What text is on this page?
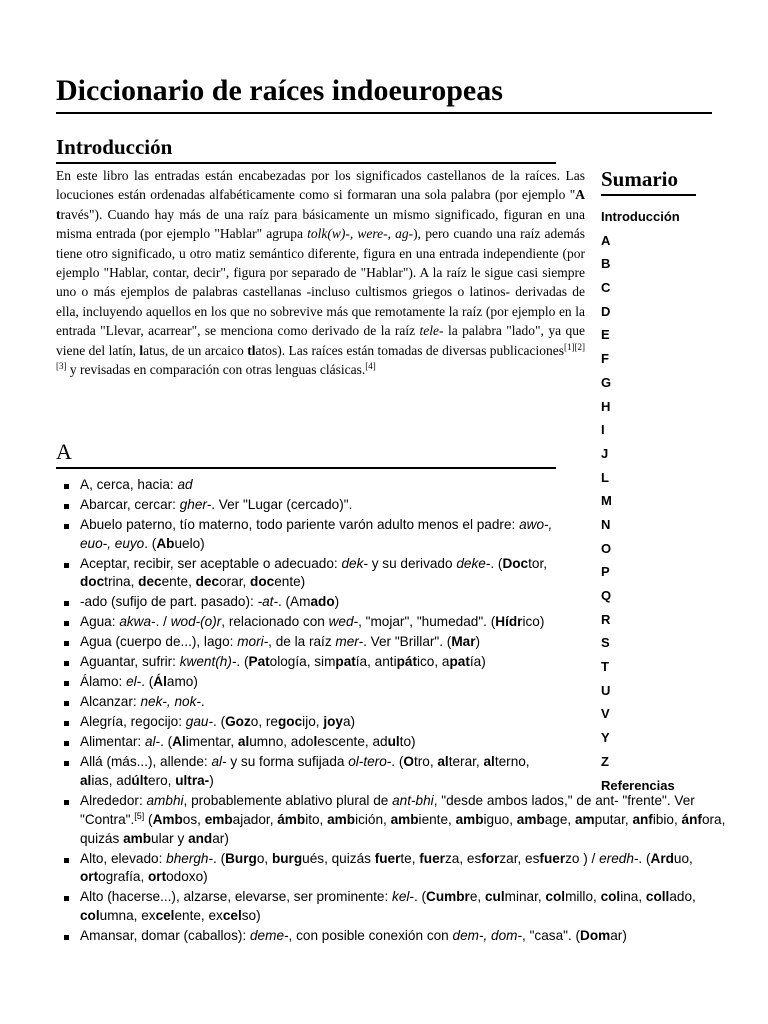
Diccionario de raíces indoeuropeas
Introducción

En este libro las entradas están encabezadas por los significados castellanos de la raíces. Las locuciones están ordenadas alfabéticamente como si formaran una sola palabra (por ejemplo "A través"). Cuando hay más de una raíz para básicamente un mismo significado, figuran en una misma entrada (por ejemplo "Hablar" agrupa tolk(w)-, were-, ag-), pero cuando una raíz además tiene otro significado, u otro matiz semántico diferente, figura en una entrada independiente (por ejemplo "Hablar, contar, decir", figura por separado de "Hablar"). A la raíz le sigue casi siempre uno o más ejemplos de palabras castellanas -incluso cultismos griegos o latinos- derivadas de ella, incluyendo aquellos en los que no sobrevive más que remotamente la raíz (por ejemplo en la entrada "Llevar, acarrear", se menciona como derivado de la raíz tele- la palabra "lado", ya que viene del latín, latus, de un arcaico tlatos). Las raíces están tomadas de diversas publicaciones[1][2][3] y revisadas en comparación con otras lenguas clásicas.[4]

Sumario
Introducción
A
B
C
D
E
F
G
H
I
J
L
M
N
O
P
Q
R
S
T
U
V
Y
Z
Referencias
A
A, cerca, hacia: ad
Abarcar, cercar: gher-. Ver "Lugar (cercado)".
Abuelo paterno, tío materno, todo pariente varón adulto menos el padre: awo-, euo-, euyo. (Abuelo)
Aceptar, recibir, ser aceptable o adecuado: dek- y su derivado deke-. (Doctor, doctrina, decente, decorar, docente)
-ado (sufijo de part. pasado): -at-. (Amado)
Agua: akwa-. / wod-(o)r, relacionado con wed-, "mojar", "humedad". (Hídrico)
Agua (cuerpo de...), lago: mori-, de la raíz mer-. Ver "Brillar". (Mar)
Aguantar, sufrir: kwent(h)-. (Patología, simpatía, antipático, apatía)
Álamo: el-. (Álamo)
Alcanzar: nek-, nok-.
Alegría, regocijo: gau-. (Gozo, regocijo, joya)
Alimentar: al-. (Alimentar, alumno, adolescente, adulto)
Allá (más...), allende: al- y su forma sufijada ol-tero-. (Otro, alterar, alterno, alias, adúltero, ultra-)
Alrededor: ambhi, probablemente ablativo plural de ant-bhi, "desde ambos lados," de ant- "frente". Ver "Contra".[5] (Ambos, embajador, ámbito, ambición, ambiente, ambiguo, ambage, amputar, anfibio, ánfora, quizás ambular y andar)
Alto, elevado: bhergh-. (Burgo, burgués, quizás fuerte, fuerza, esforzar, esfuerzo ) / eredh-. (Arduo, ortografía, ortodoxo)
Alto (hacerse...), alzarse, elevarse, ser prominente: kel-. (Cumbre, culminar, colmillo, colina, collado, columna, excelente, excelso)
Amansar, domar (caballos): deme-, con posible conexión con dem-, dom-, "casa". (Domar)
